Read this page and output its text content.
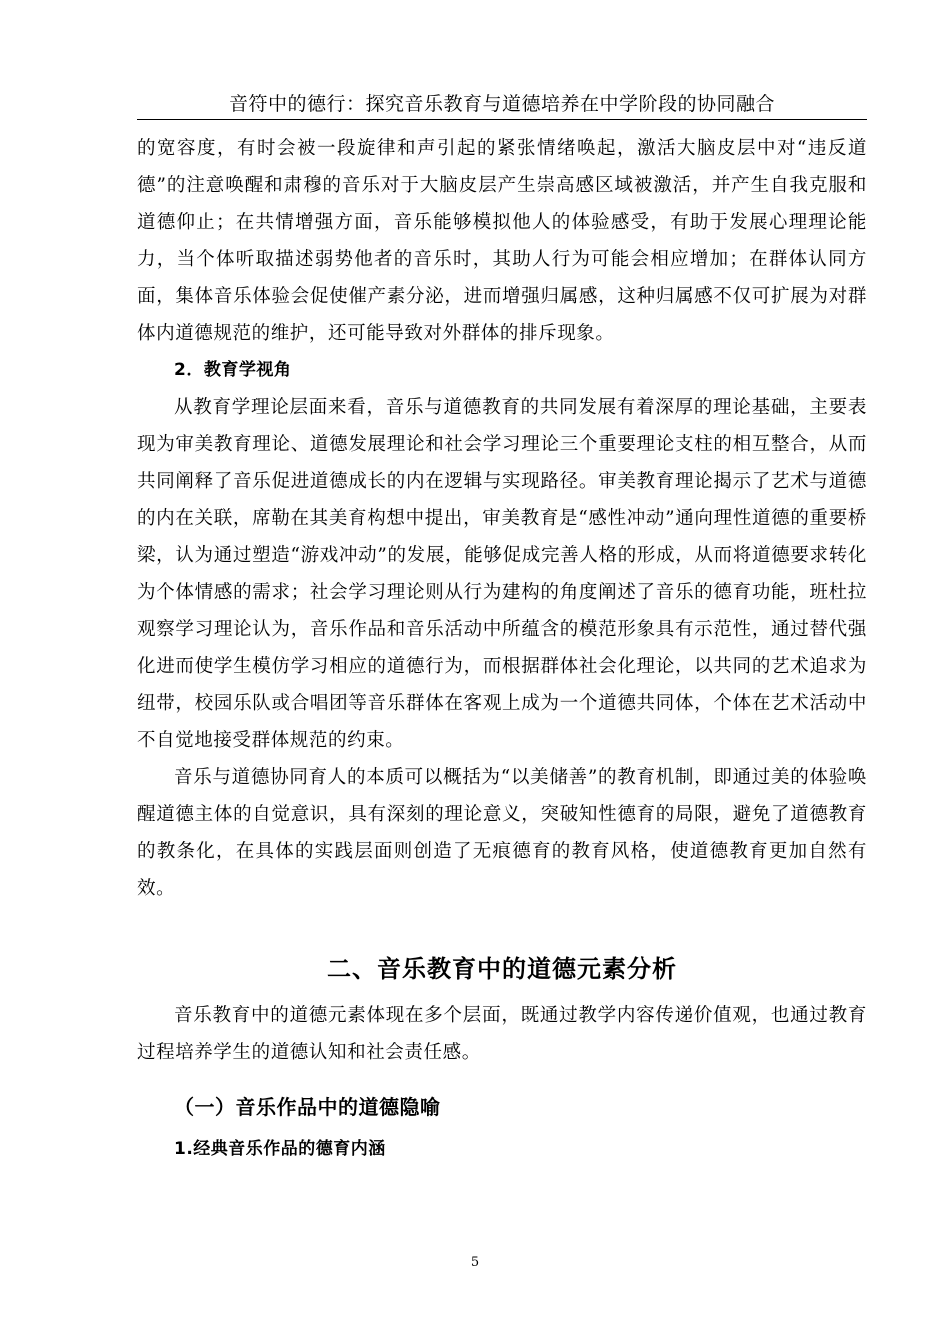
音符中的德行：探究音乐教育与道德培养在中学阶段的协同融合

的宽容度，有时会被一段旋律和声引起的紧张情绪唤起，激活大脑皮层中对“违反道德”的注意唤醒和肃穆的音乐对于大脑皮层产生崇高感区域被激活，并产生自我克服和道德仰止；在共情增强方面，音乐能够模拟他人的体验感受，有助于发展心理理论能力，当个体听取描述弱势他者的音乐时，其助人行为可能会相应增加；在群体认同方面，集体音乐体验会促使催产素分泌，进而增强归属感，这种归属感不仅可扩展为对群体内道德规范的维护，还可能导致对外群体的排斥现象。

2．教育学视角

从教育学理论层面来看，音乐与道德教育的共同发展有着深厚的理论基础，主要表现为审美教育理论、道德发展理论和社会学习理论三个重要理论支柱的相互整合，从而共同阐释了音乐促进道德成长的内在逻辑与实现路径。审美教育理论揭示了艺术与道德的内在关联，席勒在其美育构想中提出，审美教育是“感性冲动”通向理性道德的重要桥梁，认为通过塑造“游戏冲动”的发展，能够促成完善人格的形成，从而将道德要求转化为个体情感的需求；社会学习理论则从行为建构的角度阐述了音乐的德育功能，班杜拉观察学习理论认为，音乐作品和音乐活动中所蕴含的模范形象具有示范性，通过替代强化进而使学生模仿学习相应的道德行为，而根据群体社会化理论，以共同的艺术追求为纽带，校园乐队或合唱团等音乐群体在客观上成为一个道德共同体，个体在艺术活动中不自觉地接受群体规范的约束。

音乐与道德协同育人的本质可以概括为“以美储善”的教育机制，即通过美的体验唤醒道德主体的自觉意识，具有深刻的理论意义，突破知性德育的局限，避免了道德教育的教条化，在具体的实践层面则创造了无痕德育的教育风格，使道德教育更加自然有效。

二、音乐教育中的道德元素分析

音乐教育中的道德元素体现在多个层面，既通过教学内容传递价值观，也通过教育过程培养学生的道德认知和社会责任感。

（一）音乐作品中的道德隐喻
1.经典音乐作品的德育内涵
5
